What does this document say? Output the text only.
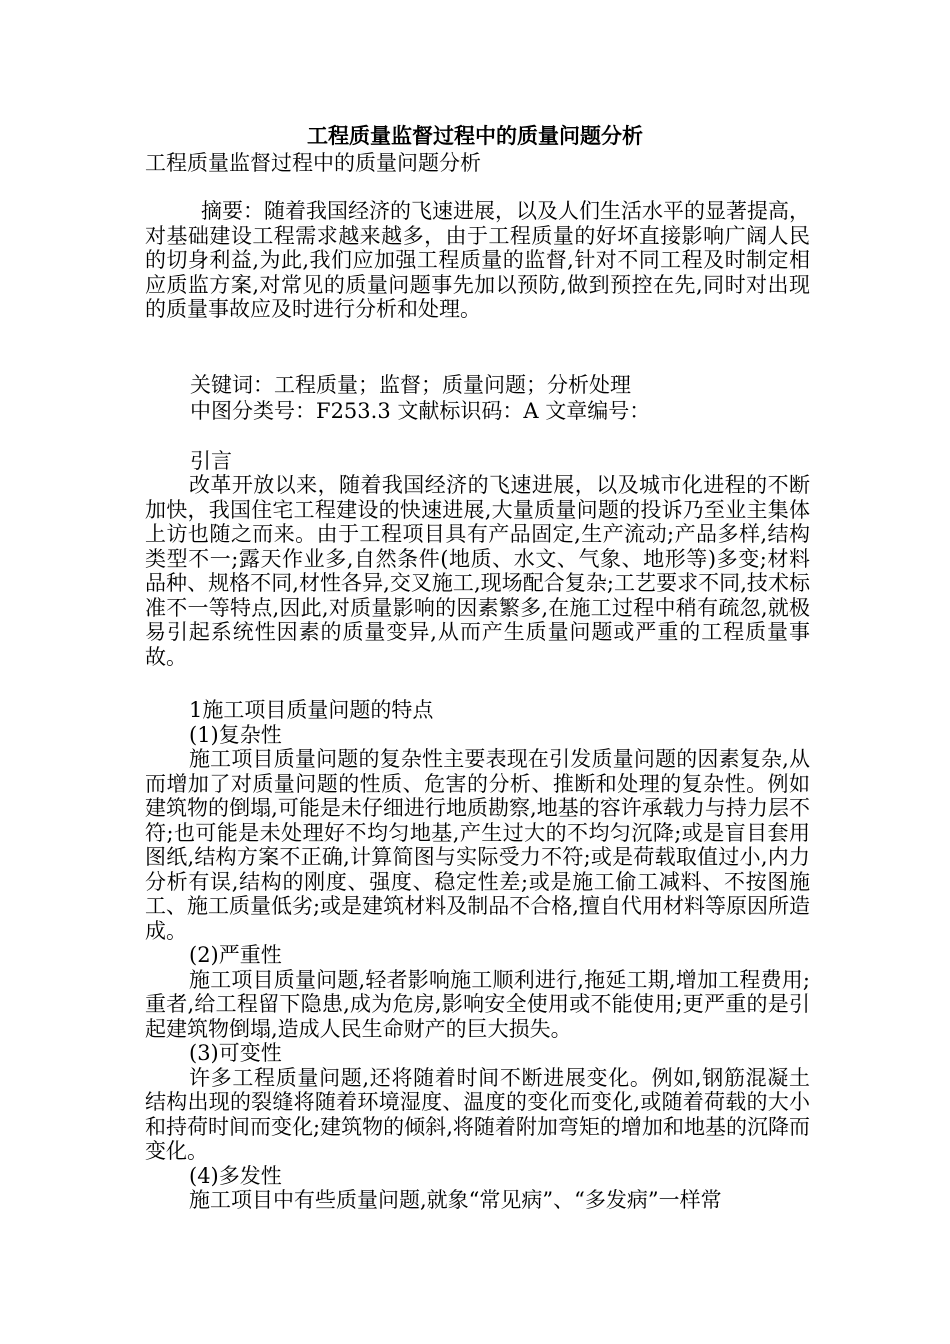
工程质量监督过程中的质量问题分析
工程质量监督过程中的质量问题分析

摘要：随着我国经济的飞速进展，以及人们生活水平的显著提高，对基础建设工程需求越来越多，由于工程质量的好坏直接影响广阔人民的切身利益,为此,我们应加强工程质量的监督,针对不同工程及时制定相应质监方案,对常见的质量问题事先加以预防,做到预控在先,同时对出现的质量事故应及时进行分析和处理。

关键词：工程质量；监督；质量问题；分析处理
中图分类号：F253.3 文献标识码：A 文章编号：
引言

改革开放以来，随着我国经济的飞速进展，以及城市化进程的不断加快，我国住宅工程建设的快速进展,大量质量问题的投诉乃至业主集体上访也随之而来。由于工程项目具有产品固定,生产流动;产品多样,结构类型不一;露天作业多,自然条件(地质、水文、气象、地形等)多变;材料品种、规格不同,材性各异,交叉施工,现场配合复杂;工艺要求不同,技术标准不一等特点,因此,对质量影响的因素繁多,在施工过程中稍有疏忽,就极易引起系统性因素的质量变异,从而产生质量问题或严重的工程质量事故。

1施工项目质量问题的特点

(1)复杂性

施工项目质量问题的复杂性主要表现在引发质量问题的因素复杂,从而增加了对质量问题的性质、危害的分析、推断和处理的复杂性。例如建筑物的倒塌,可能是未仔细进行地质勘察,地基的容许承载力与持力层不符;也可能是未处理好不均匀地基,产生过大的不均匀沉降;或是盲目套用图纸,结构方案不正确,计算简图与实际受力不符;或是荷载取值过小,内力分析有误,结构的刚度、强度、稳定性差;或是施工偷工减料、不按图施工、施工质量低劣;或是建筑材料及制品不合格,擅自代用材料等原因所造成。

(2)严重性

施工项目质量问题,轻者影响施工顺利进行,拖延工期,增加工程费用;重者,给工程留下隐患,成为危房,影响安全使用或不能使用;更严重的是引起建筑物倒塌,造成人民生命财产的巨大损失。

(3)可变性

许多工程质量问题,还将随着时间不断进展变化。例如,钢筋混凝土结构出现的裂缝将随着环境湿度、温度的变化而变化,或随着荷载的大小和持荷时间而变化;建筑物的倾斜,将随着附加弯矩的增加和地基的沉降而变化。

(4)多发性

施工项目中有些质量问题,就象“常见病”、“多发病”一样常
